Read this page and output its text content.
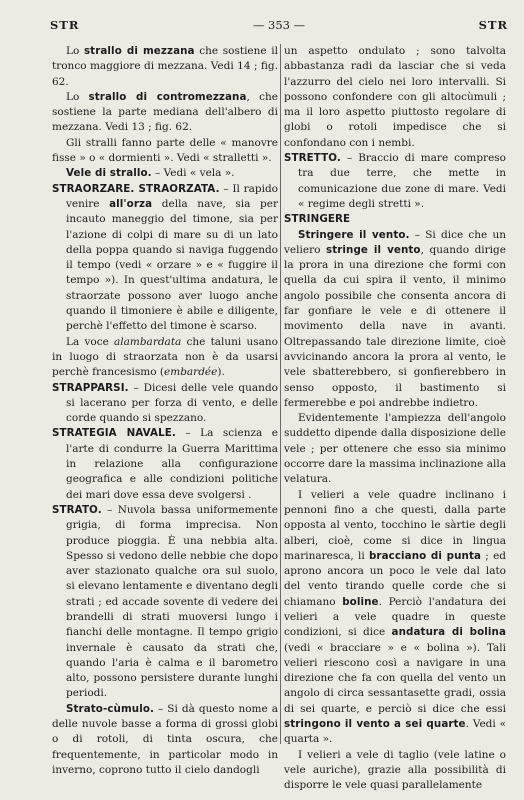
STR	— 353 —	STR

Lo strallo di mezzana che sostiene il tronco maggiore di mezzana. Vedi 14 ; fig. 62.

Lo strallo di contromezzana, che sostiene la parte mediana dell'albero di mezzana. Vedi 13 ; fig. 62.

Gli stralli fanno parte delle « manovre fisse » o « dormienti ». Vedi « stralletti ».

Vele di strallo. – Vedi « vela ».

STRAORZARE. STRAORZATA. – Il rapido venire all'orza della nave, sia per incauto maneggio del timone, sia per l'azione di colpi di mare su di un lato della poppa quando si naviga fuggendo il tempo (vedi « orzare » e « fuggire il tempo »). In quest'ultima andatura, le straorzate possono aver luogo anche quando il timoniere è abile e diligente, perchè l'effetto del timone è scarso.

La voce alambardata che taluni usano in luogo di straorzata non è da usarsi perchè francesismo (embardée).

STRAPPARSI. – Dicesi delle vele quando si lacerano per forza di vento, e delle corde quando si spezzano.

STRATEGIA NAVALE. – La scienza e l'arte di condurre la Guerra Marittima in relazione alla configurazione geografica e alle condizioni politiche dei mari dove essa deve svolgersi .

STRATO. – Nuvola bassa uniformemente grigia, di forma imprecisa. Non produce pioggia. È una nebbia alta. Spesso si vedono delle nebbie che dopo aver stazionato qualche ora sul suolo, si elevano lentamente e diventano degli strati ; ed accade sovente di vedere dei brandelli di strati muoversi lungo i fianchi delle montagne. Il tempo grigio invernale è causato da strati che, quando l'aria è calma e il barometro alto, possono persistere durante lunghi periodi.

Strato-cùmulo. – Si dà questo nome a delle nuvole basse a forma di grossi globi o di rotoli, di tinta oscura, che frequentemente, in particolar modo in inverno, coprono tutto il cielo dandogli

un aspetto ondulato ; sono talvolta abbastanza radi da lasciar che si veda l'azzurro del cielo nei loro intervalli. Si possono confondere con gli altocùmuli ; ma il loro aspetto piuttosto regolare di globi o rotoli impedisce che si confondano con i nembi.

STRETTO. – Braccio di mare compreso tra due terre, che mette in comunicazione due zone di mare. Vedi « regime degli stretti ».

STRINGERE

Stringere il vento. – Si dice che un veliero stringe il vento, quando dirige la prora in una direzione che formi con quella da cui spira il vento, il minimo angolo possibile che consenta ancora di far gonfiare le vele e di ottenere il movimento della nave in avanti. Oltrepassando tale direzione limite, cioè avvicinando ancora la prora al vento, le vele sbatterebbero, si gonfierebbero in senso opposto, il bastimento si fermerebbe e poi andrebbe indietro.

Evidentemente l'ampiezza dell'angolo suddetto dipende dalla disposizione delle vele ; per ottenere che esso sia minimo occorre dare la massima inclinazione alla velatura.

I velieri a vele quadre inclinano i pennoni fino a che questi, dalla parte opposta al vento, tocchino le sàrtie degli alberi, cioè, come si dice in lingua marinaresca, li bracciano di punta ; ed aprono ancora un poco le vele dal lato del vento tirando quelle corde che si chiamano boline. Perciò l'andatura dei velieri a vele quadre in queste condizioni, si dice andatura di bolina (vedi « bracciare » e « bolina »). Tali velieri riescono così a navigare in una direzione che fa con quella del vento un angolo di circa sessantasette gradi, ossia di sei quarte, e perciò si dice che essi stringono il vento a sei quarte. Vedi « quarta ».

I velieri a vele di taglio (vele latine o vele auriche), grazie alla possibilità di disporre le vele quasi parallelamente
